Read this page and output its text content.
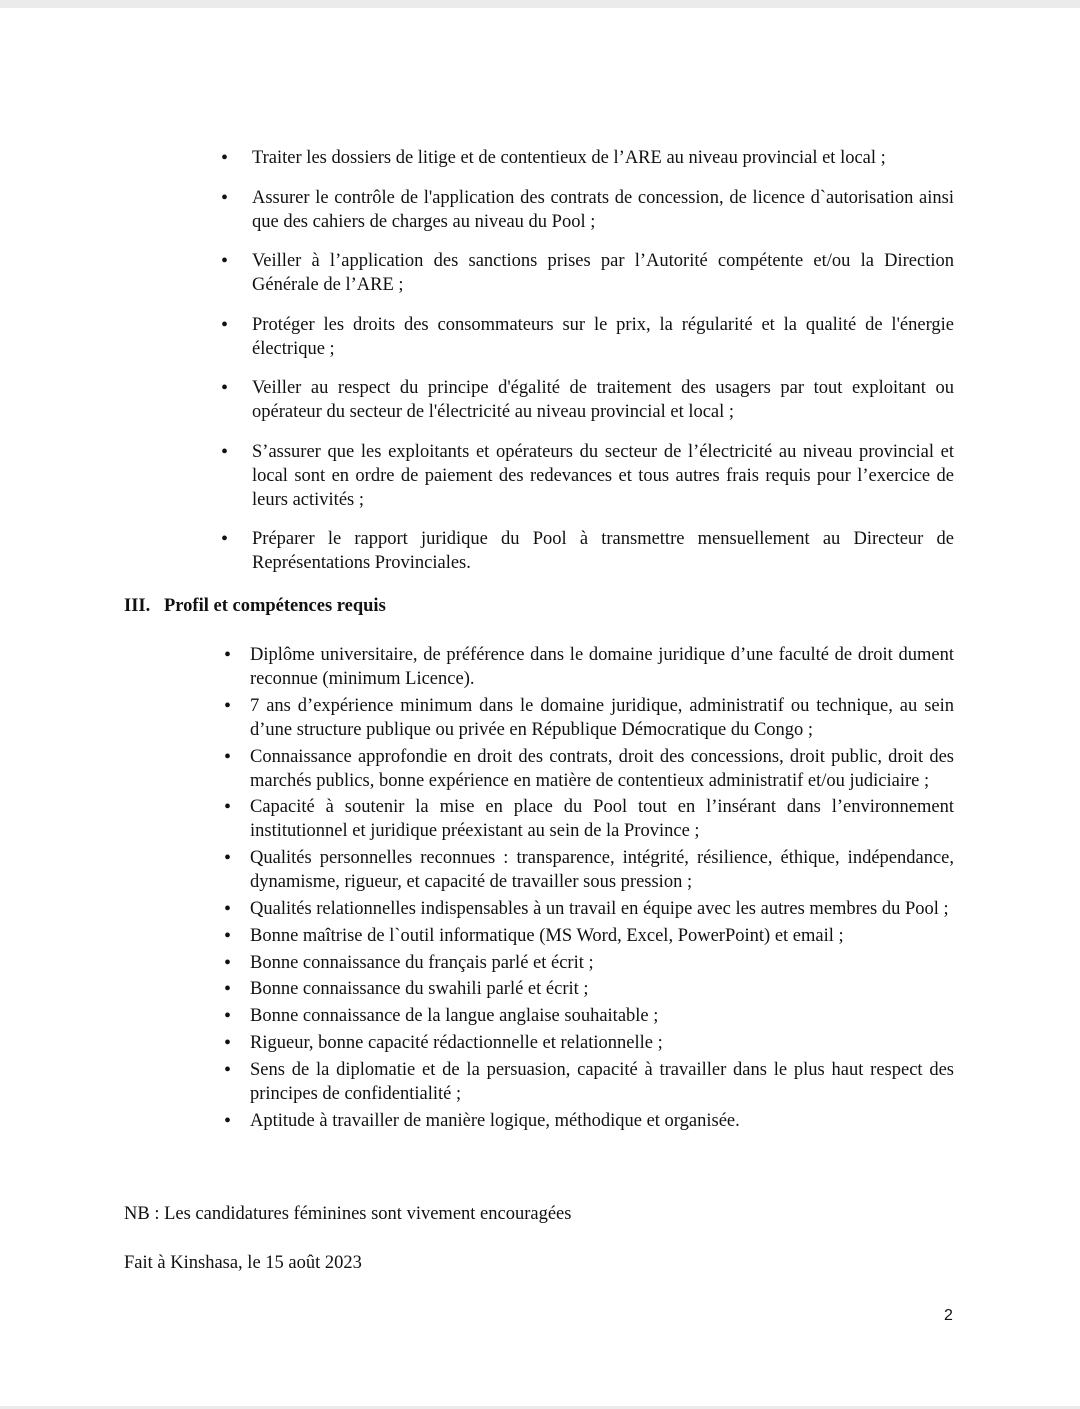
• Traiter les dossiers de litige et de contentieux de l’ARE au niveau provincial et local ;
• Assurer le contrôle de l'application des contrats de concession, de licence d`autorisation ainsi que des cahiers de charges au niveau du Pool ;
• Veiller à l’application des sanctions prises par l’Autorité compétente et/ou la Direction Générale de l’ARE ;
• Protéger les droits des consommateurs sur le prix, la régularité et la qualité de l'énergie électrique ;
• Veiller au respect du principe d'égalité de traitement des usagers par tout exploitant ou opérateur du secteur de l'électricité au niveau provincial et local ;
• S’assurer que les exploitants et opérateurs du secteur de l’électricité au niveau provincial et local sont en ordre de paiement des redevances et tous autres frais requis pour l’exercice de leurs activités ;
• Préparer le rapport juridique du Pool à transmettre mensuellement au Directeur de Représentations Provinciales.
III. Profil et compétences requis
• Diplôme universitaire, de préférence dans le domaine juridique d’une faculté de droit dument reconnue (minimum Licence).
• 7 ans d’expérience minimum dans le domaine juridique, administratif ou technique, au sein d’une structure publique ou privée en République Démocratique du Congo ;
• Connaissance approfondie en droit des contrats, droit des concessions, droit public, droit des marchés publics, bonne expérience en matière de contentieux administratif et/ou judiciaire ;
• Capacité à soutenir la mise en place du Pool tout en l’insérant dans l’environnement institutionnel et juridique préexistant au sein de la Province ;
• Qualités personnelles reconnues : transparence, intégrité, résilience, éthique, indépendance, dynamisme, rigueur, et capacité de travailler sous pression ;
• Qualités relationnelles indispensables à un travail en équipe avec les autres membres du Pool ;
• Bonne maîtrise de l`outil informatique (MS Word, Excel, PowerPoint) et email ;
• Bonne connaissance du français parlé et écrit ;
• Bonne connaissance du swahili parlé et écrit ;
• Bonne connaissance de la langue anglaise souhaitable ;
• Rigueur, bonne capacité rédactionnelle et relationnelle ;
• Sens de la diplomatie et de la persuasion, capacité à travailler dans le plus haut respect des principes de confidentialité ;
• Aptitude à travailler de manière logique, méthodique et organisée.

NB : Les candidatures féminines sont vivement encouragées

Fait à Kinshasa, le 15 août 2023

2
